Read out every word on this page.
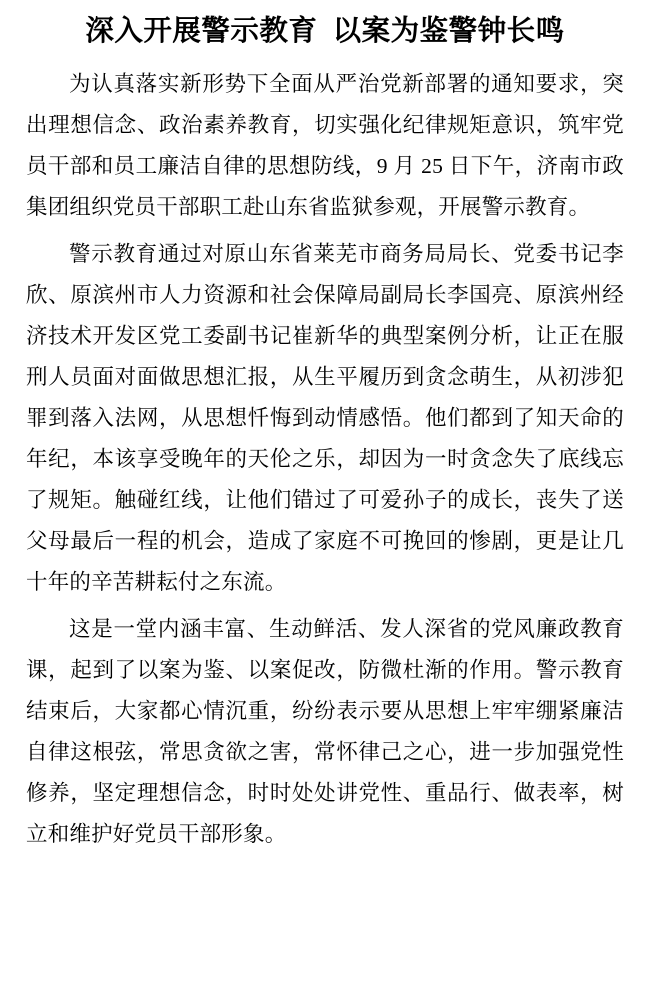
深入开展警示教育  以案为鉴警钟长鸣

为认真落实新形势下全面从严治党新部署的通知要求，突出理想信念、政治素养教育，切实强化纪律规矩意识，筑牢党员干部和员工廉洁自律的思想防线，9 月 25 日下午，济南市政集团组织党员干部职工赴山东省监狱参观，开展警示教育。

警示教育通过对原山东省莱芜市商务局局长、党委书记李欣、原滨州市人力资源和社会保障局副局长李国亮、原滨州经济技术开发区党工委副书记崔新华的典型案例分析，让正在服刑人员面对面做思想汇报，从生平履历到贪念萌生，从初涉犯罪到落入法网，从思想忏悔到动情感悟。他们都到了知天命的年纪，本该享受晚年的天伦之乐，却因为一时贪念失了底线忘了规矩。触碰红线，让他们错过了可爱孙子的成长，丧失了送父母最后一程的机会，造成了家庭不可挽回的惨剧，更是让几十年的辛苦耕耘付之东流。

这是一堂内涵丰富、生动鲜活、发人深省的党风廉政教育课，起到了以案为鉴、以案促改，防微杜渐的作用。警示教育结束后，大家都心情沉重，纷纷表示要从思想上牢牢绷紧廉洁自律这根弦，常思贪欲之害，常怀律己之心，进一步加强党性修养，坚定理想信念，时时处处讲党性、重品行、做表率，树立和维护好党员干部形象。
